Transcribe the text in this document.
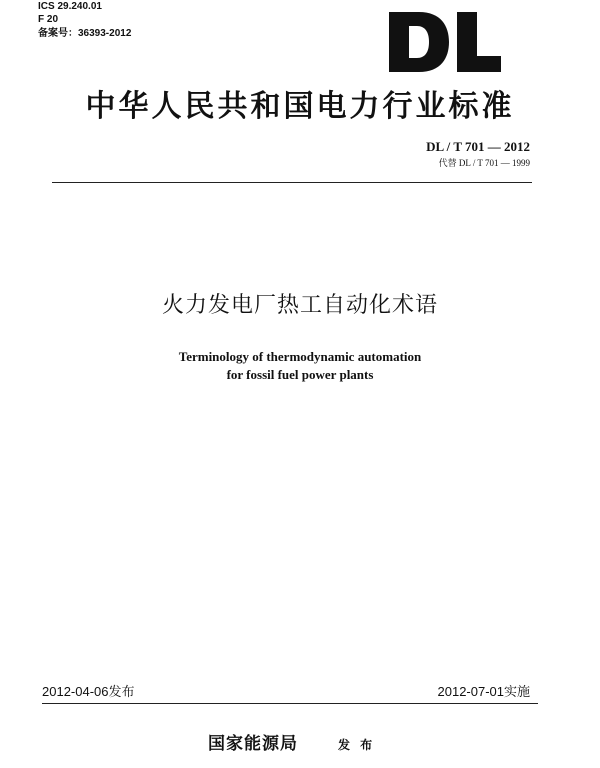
ICS 29.240.01
F 20
备案号：36393-2012
中华人民共和国电力行业标准
DL / T 701 — 2012
代替 DL / T 701 — 1999
火力发电厂热工自动化术语
Terminology of thermodynamic automation
for fossil fuel power plants
2012-04-06发布	2012-07-01实施
国家能源局	发 布
